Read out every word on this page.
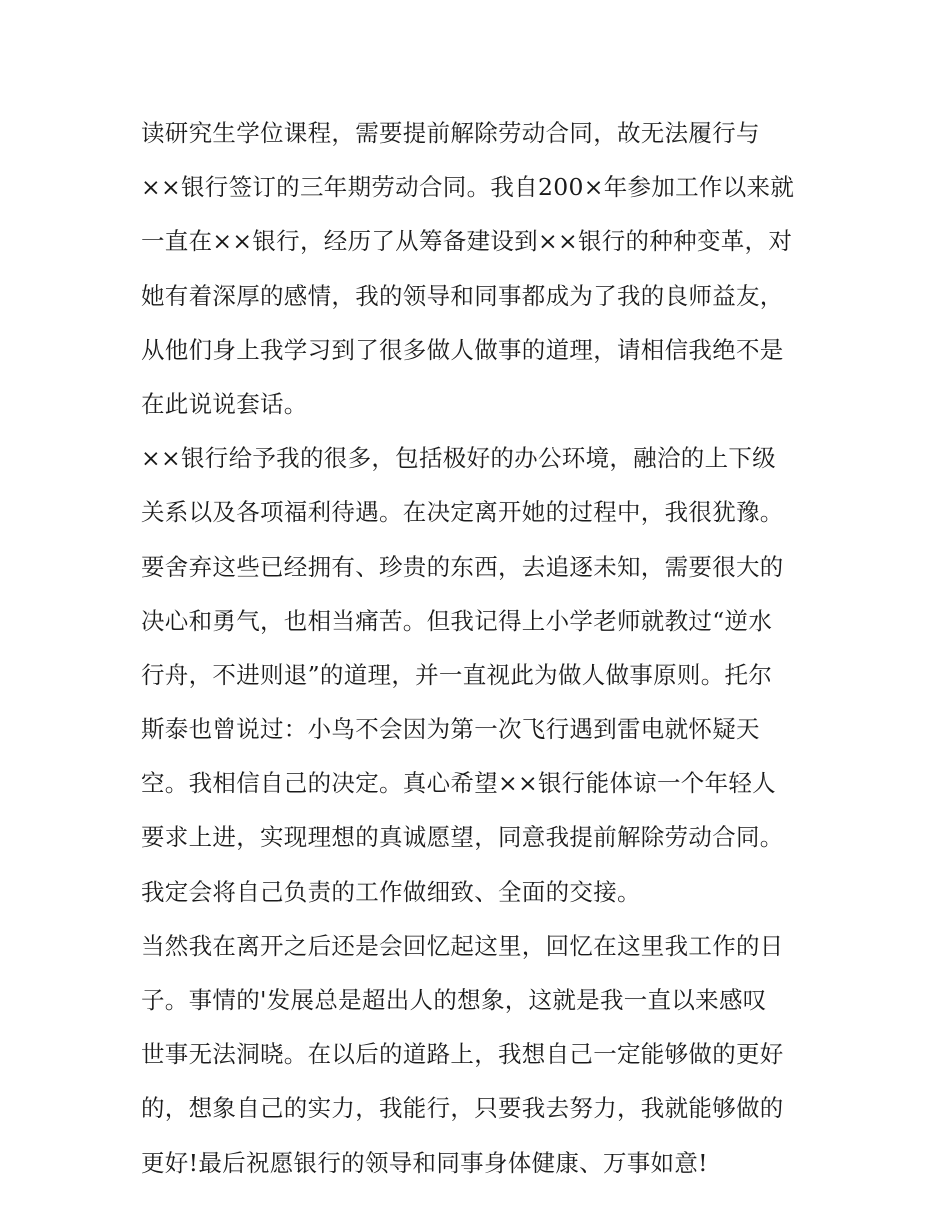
读研究生学位课程，需要提前解除劳动合同，故无法履行与
××银行签订的三年期劳动合同。我自200×年参加工作以来就
一直在××银行，经历了从筹备建设到××银行的种种变革，对
她有着深厚的感情，我的领导和同事都成为了我的良师益友，
从他们身上我学习到了很多做人做事的道理，请相信我绝不是
在此说说套话。
××银行给予我的很多，包括极好的办公环境，融洽的上下级
关系以及各项福利待遇。在决定离开她的过程中，我很犹豫。
要舍弃这些已经拥有、珍贵的东西，去追逐未知，需要很大的
决心和勇气，也相当痛苦。但我记得上小学老师就教过“逆水
行舟，不进则退”的道理，并一直视此为做人做事原则。托尔
斯泰也曾说过：小鸟不会因为第一次飞行遇到雷电就怀疑天
空。我相信自己的决定。真心希望××银行能体谅一个年轻人
要求上进，实现理想的真诚愿望，同意我提前解除劳动合同。
我定会将自己负责的工作做细致、全面的交接。
当然我在离开之后还是会回忆起这里，回忆在这里我工作的日
子。事情的'发展总是超出人的想象，这就是我一直以来感叹
世事无法洞晓。在以后的道路上，我想自己一定能够做的更好
的，想象自己的实力，我能行，只要我去努力，我就能够做的
更好!最后祝愿银行的领导和同事身体健康、万事如意!
